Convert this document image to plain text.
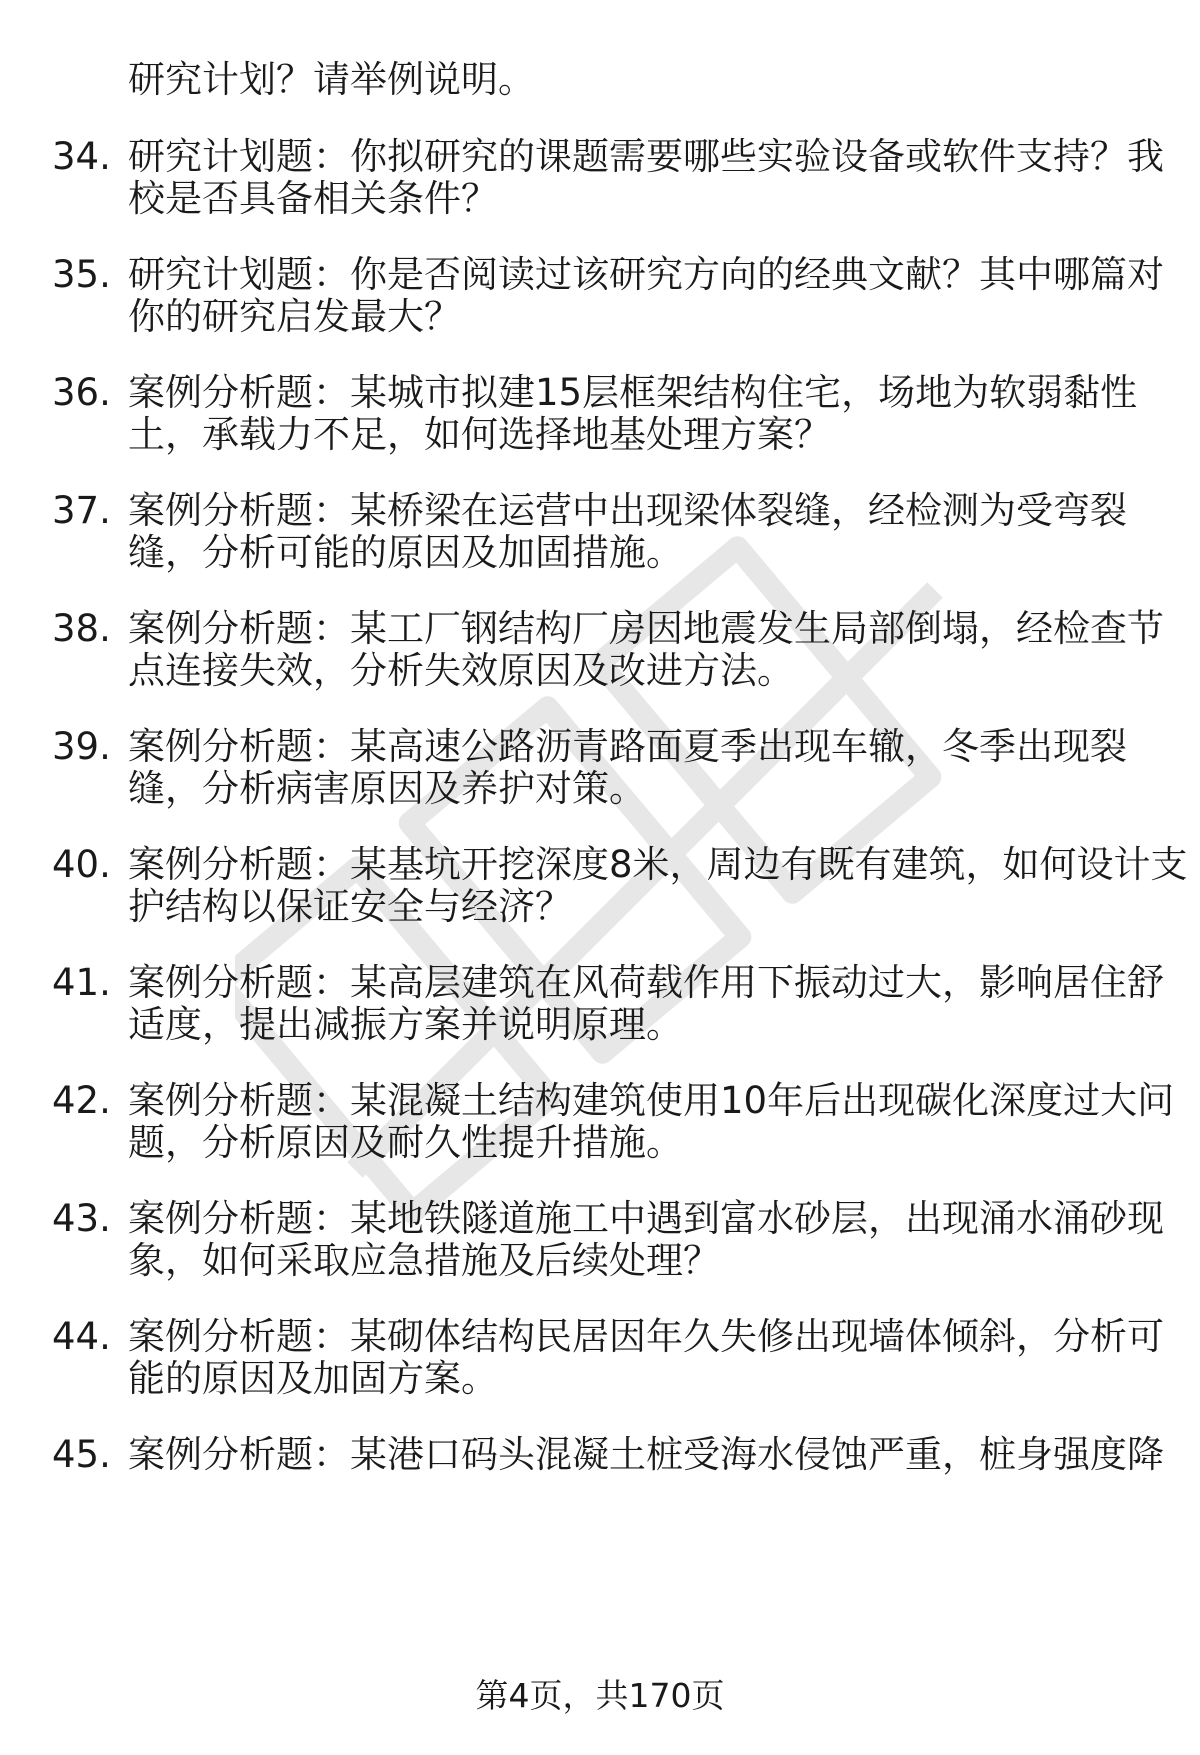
研究计划？请举例说明。
34. 研究计划题：你拟研究的课题需要哪些实验设备或软件支持？我
校是否具备相关条件？
35. 研究计划题：你是否阅读过该研究方向的经典文献？其中哪篇对
你的研究启发最大？
36. 案例分析题：某城市拟建15层框架结构住宅，场地为软弱黏性
土，承载力不足，如何选择地基处理方案？
37. 案例分析题：某桥梁在运营中出现梁体裂缝，经检测为受弯裂
缝，分析可能的原因及加固措施。
38. 案例分析题：某工厂钢结构厂房因地震发生局部倒塌，经检查节
点连接失效，分析失效原因及改进方法。
39. 案例分析题：某高速公路沥青路面夏季出现车辙，冬季出现裂
缝，分析病害原因及养护对策。
40. 案例分析题：某基坑开挖深度8米，周边有既有建筑，如何设计支
护结构以保证安全与经济？
41. 案例分析题：某高层建筑在风荷载作用下振动过大，影响居住舒
适度，提出减振方案并说明原理。
42. 案例分析题：某混凝土结构建筑使用10年后出现碳化深度过大问
题，分析原因及耐久性提升措施。
43. 案例分析题：某地铁隧道施工中遇到富水砂层，出现涌水涌砂现
象，如何采取应急措施及后续处理？
44. 案例分析题：某砌体结构民居因年久失修出现墙体倾斜，分析可
能的原因及加固方案。
45. 案例分析题：某港口码头混凝土桩受海水侵蚀严重，桩身强度降
第4页，共170页
